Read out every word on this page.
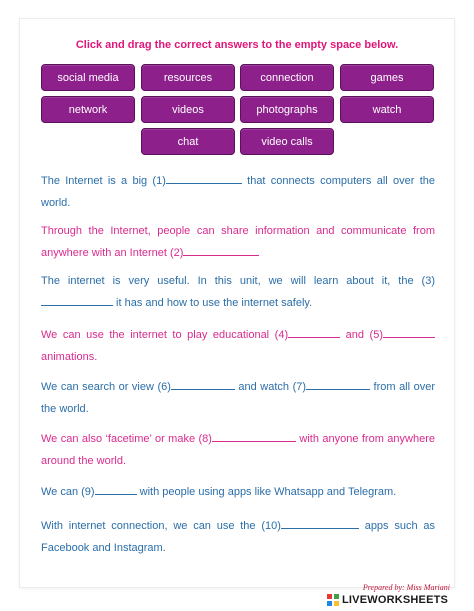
Click and drag the correct answers to the empty space below.
social media	resources	connection	games
network	videos	photographs	watch
chat	video calls
The Internet is a big (1)	that connects computers all over the world.
Through the Internet, people can share information and communicate from anywhere with an Internet (2)
The internet is very useful. In this unit, we will learn about it, the (3) it has and how to use the internet safely.
We can use the internet to play educational (4)	and (5) animations.
We can search or view (6)	and watch (7)	from all over the world.
We can also ‘facetime’ or make (8)	with anyone from anywhere around the world.
We can (9)	with people using apps like Whatsapp and Telegram.
With internet connection, we can use the (10)	apps such as Facebook and Instagram.
Prepared by: Miss Mariani
LIVEWORKSHEETS
